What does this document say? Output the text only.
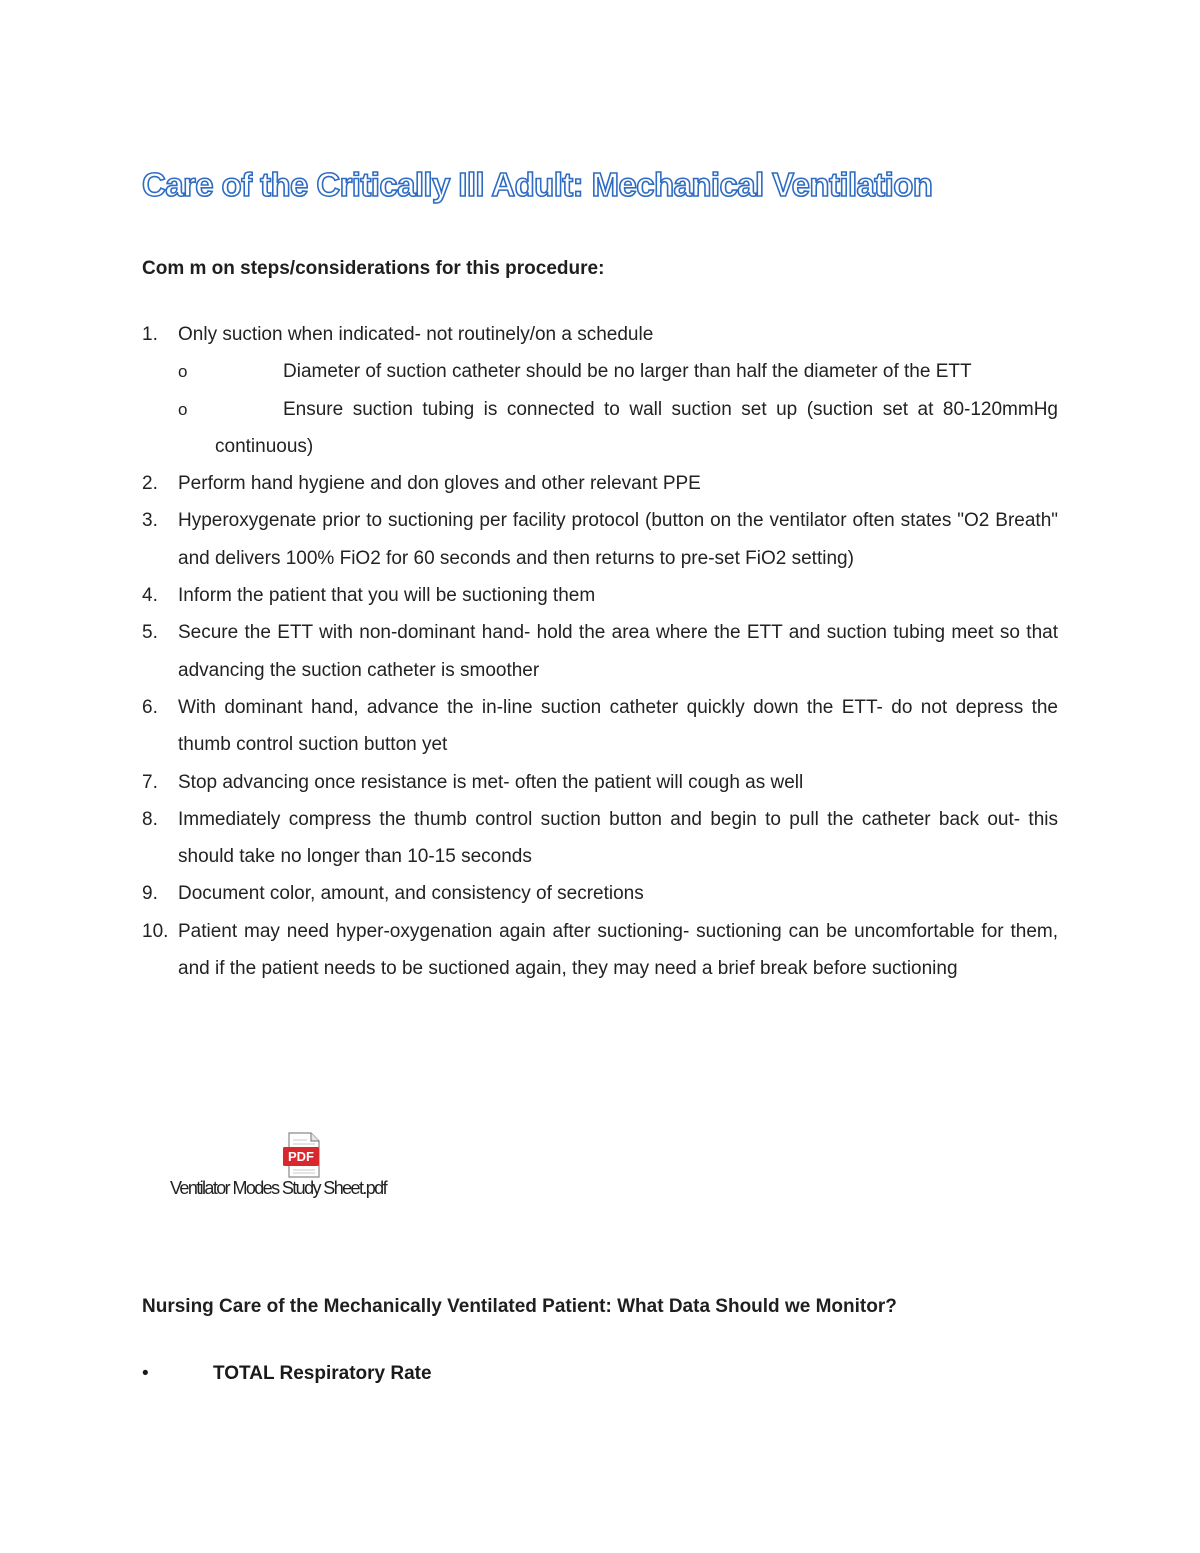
Care of the Critically Ill Adult: Mechanical Ventilation

Com m on steps/considerations for this procedure:

1. Only suction when indicated- not routinely/on a schedule
o	Diameter of suction catheter should be no larger than half the diameter of the ETT
o	Ensure suction tubing is connected to wall suction set up (suction set at 80-120mmHg continuous)
2. Perform hand hygiene and don gloves and other relevant PPE
3. Hyperoxygenate prior to suctioning per facility protocol (button on the ventilator often states "O2 Breath" and delivers 100% FiO2 for 60 seconds and then returns to pre-set FiO2 setting)
4. Inform the patient that you will be suctioning them
5. Secure the ETT with non-dominant hand- hold the area where the ETT and suction tubing meet so that advancing the suction catheter is smoother
6. With dominant hand, advance the in-line suction catheter quickly down the ETT- do not depress the thumb control suction button yet
7. Stop advancing once resistance is met- often the patient will cough as well
8. Immediately compress the thumb control suction button and begin to pull the catheter back out- this should take no longer than 10-15 seconds
9. Document color, amount, and consistency of secretions
10. Patient may need hyper-oxygenation again after suctioning- suctioning can be uncomfortable for them, and if the patient needs to be suctioned again, they may need a brief break before suctioning
PDF
Ventilator Modes Study Sheet.pdf

Nursing Care of the Mechanically Ventilated Patient: What Data Should we Monitor?

•	TOTAL Respiratory Rate
